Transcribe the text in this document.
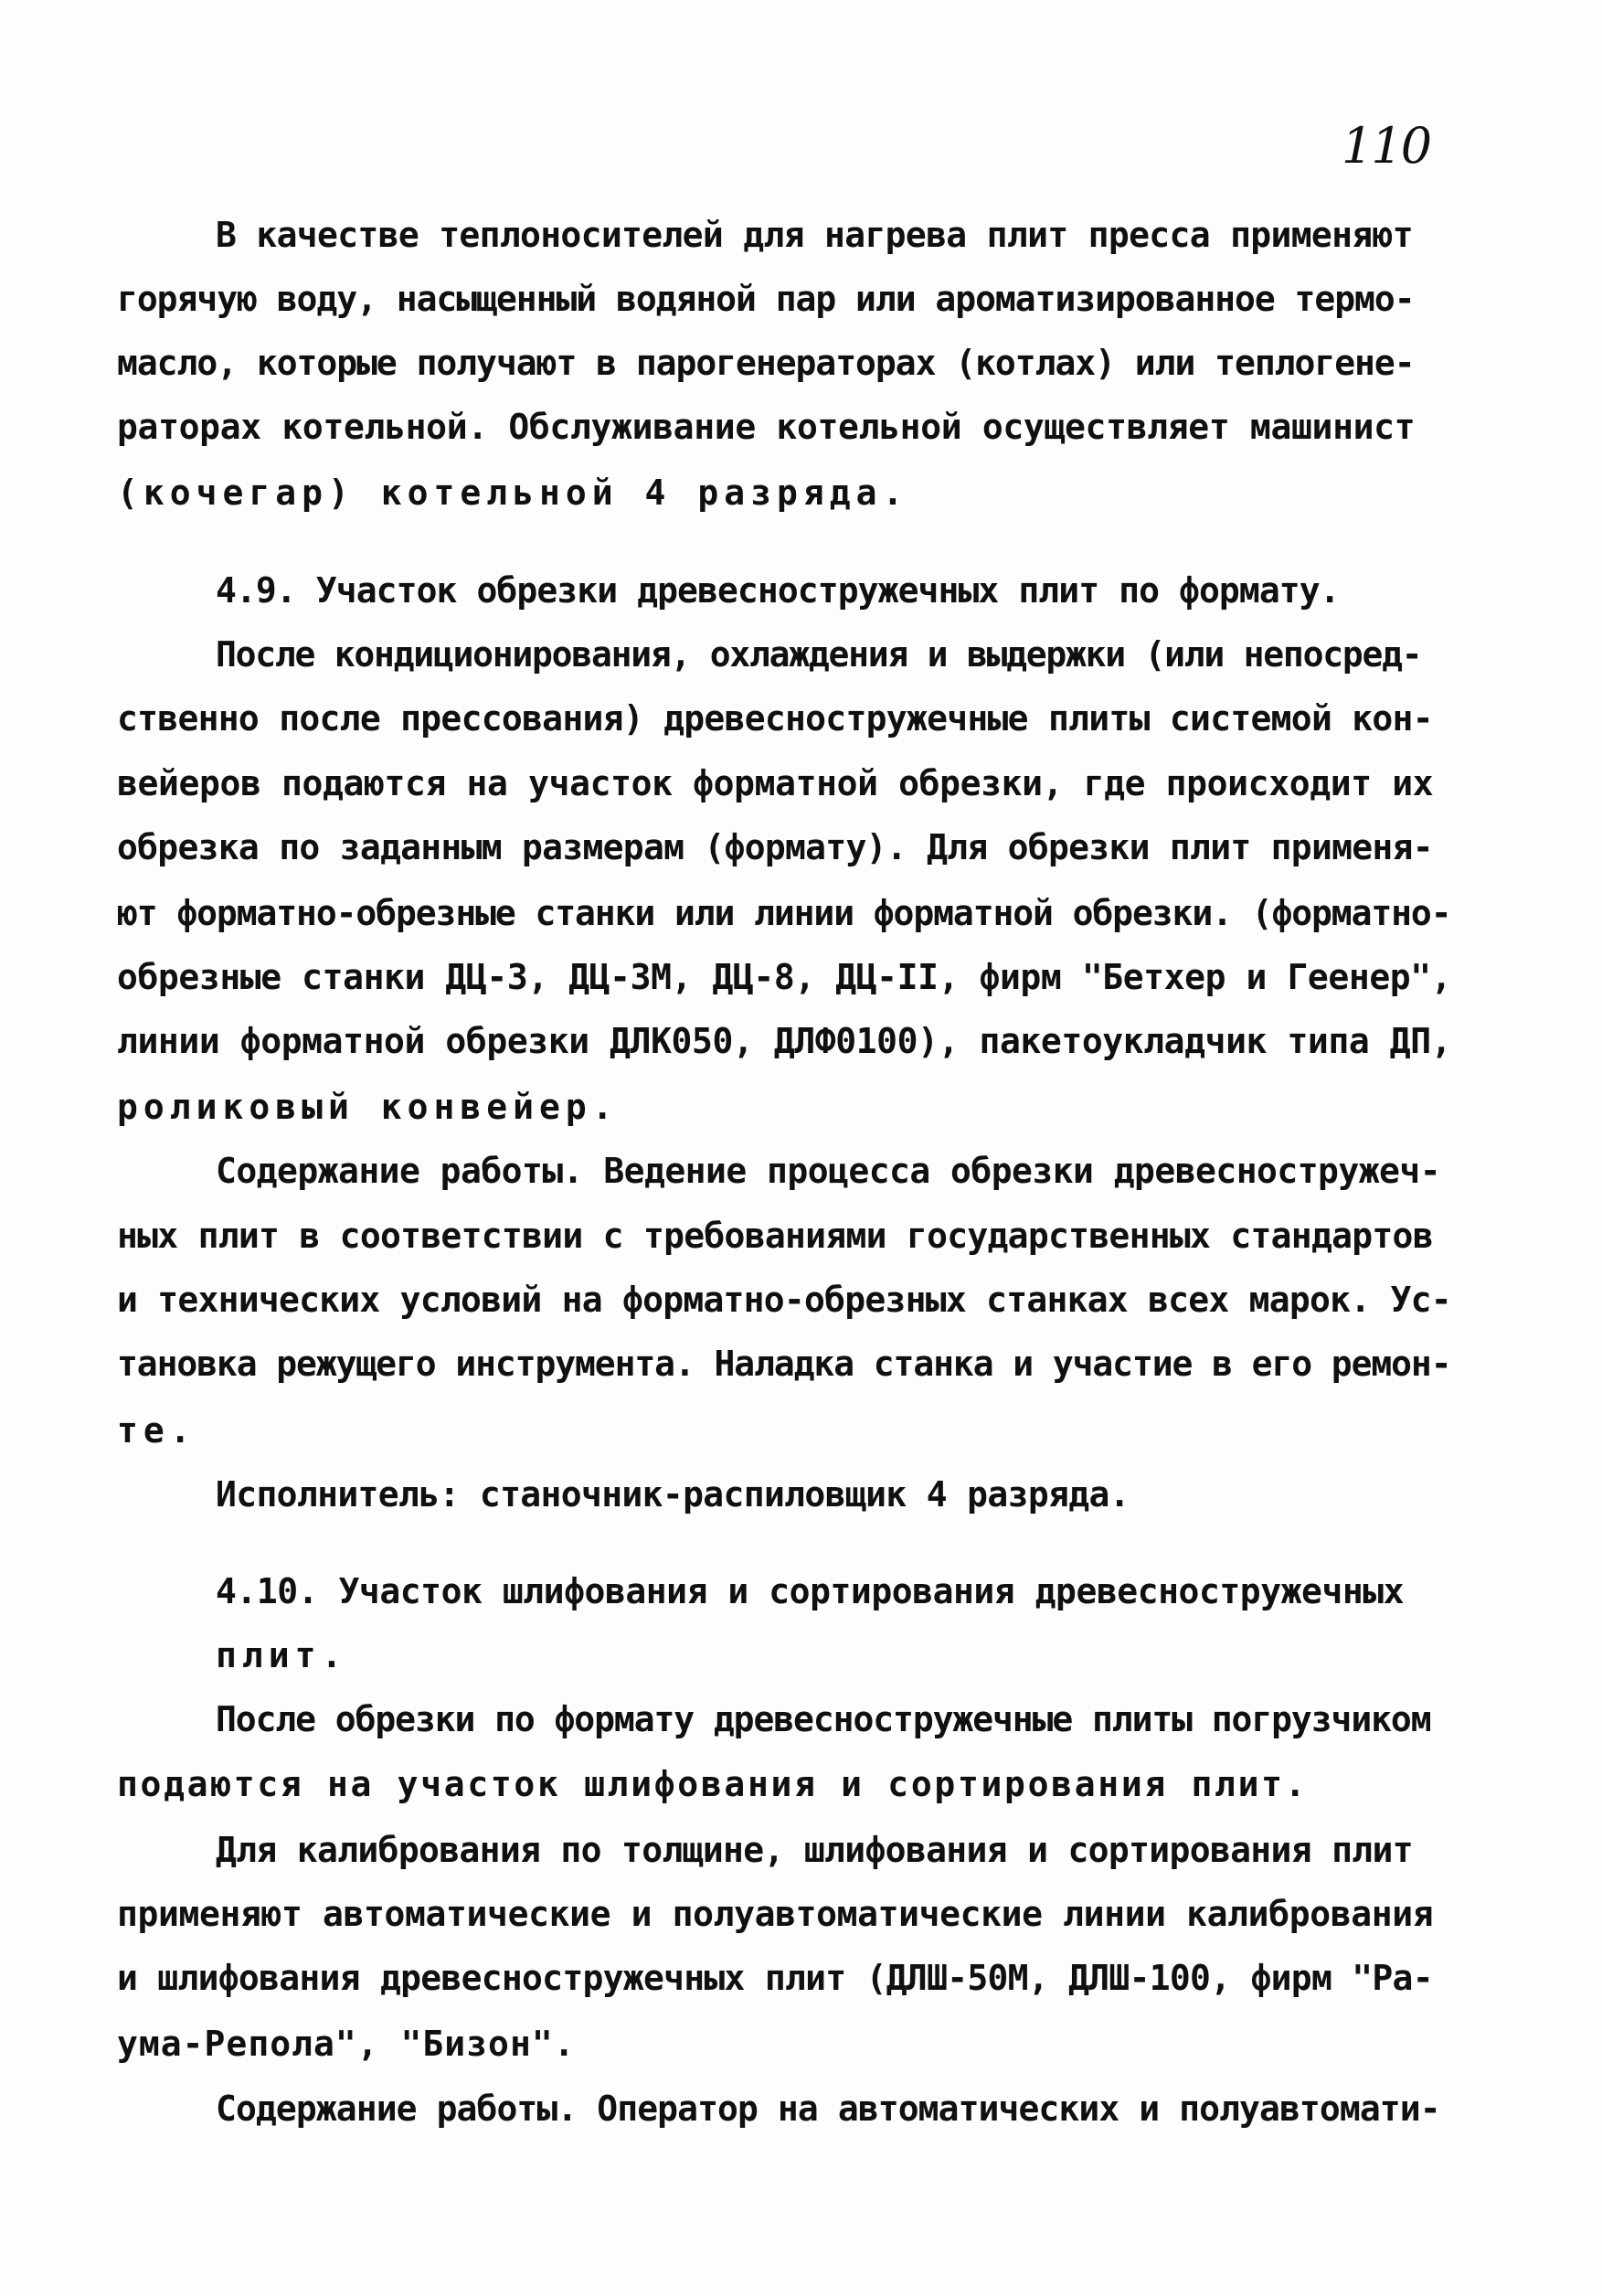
110
В качестве теплоносителей для нагрева плит пресса применяют
горячую воду, насыщенный водяной пар или ароматизированное термо-
масло, которые получают в парогенераторах (котлах) или теплогене-
раторах котельной. Обслуживание котельной осуществляет машинист
(кочегар) котельной 4 разряда.
4.9. Участок обрезки древесностружечных плит по формату.
После кондиционирования, охлаждения и выдержки (или непосред-
ственно после прессования) древесностружечные плиты системой кон-
вейеров подаются на участок форматной обрезки, где происходит их
обрезка по заданным размерам (формату). Для обрезки плит применя-
ют форматно-обрезные станки или линии форматной обрезки. (форматно-
обрезные станки ДЦ-3, ДЦ-3М, ДЦ-8, ДЦ-II, фирм "Бетхер и Геенер",
линии форматной обрезки ДЛК050, ДЛФ0100), пакетоукладчик типа ДП,
роликовый конвейер.
Содержание работы. Ведение процесса обрезки древесностружеч-
ных плит в соответствии с требованиями государственных стандартов
и технических условий на форматно-обрезных станках всех марок. Ус-
тановка режущего инструмента. Наладка станка и участие в его ремон-
те.
Исполнитель: станочник-распиловщик 4 разряда.
4.10. Участок шлифования и сортирования древесностружечных
плит.
После обрезки по формату древесностружечные плиты погрузчиком
подаются на участок шлифования и сортирования плит.
Для калибрования по толщине, шлифования и сортирования плит
применяют автоматические и полуавтоматические линии калибрования
и шлифования древесностружечных плит (ДЛШ-50М, ДЛШ-100, фирм "Ра-
ума-Репола", "Бизон".
Содержание работы. Оператор на автоматических и полуавтомати-
